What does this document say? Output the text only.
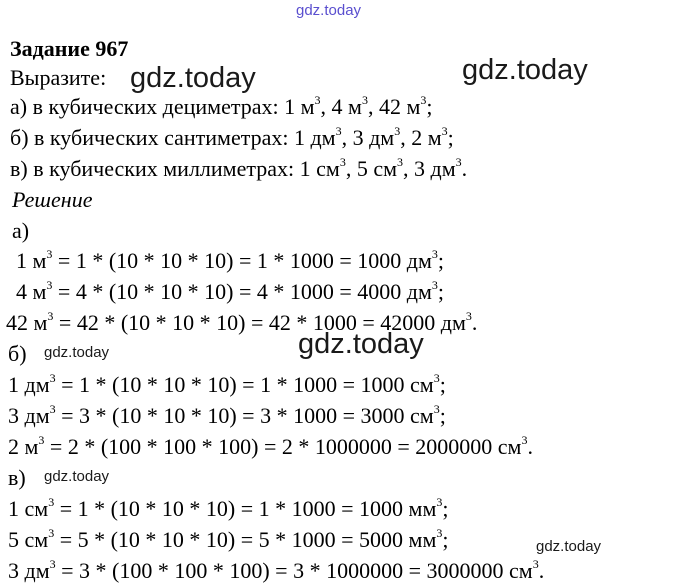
gdz.today
gdz.today	gdz.today
gdz.today
gdz.today
gdz.today
gdz.today
Задание 967
Выразите:
а) в кубических дециметрах: 1 $м^3$, 4 $м^3$, 42 $м^3$;
б) в кубических сантиметрах: 1 $дм^3$, 3 $дм^3$, 2 $м^3$;
в) в кубических миллиметрах: 1 $см^3$, 5 $см^3$, 3 $дм^3$.
Решение
а)
1 $м^3 = 1 * (10 * 10 * 10) = 1 * 1000 = 1000$ $дм^3$;
4 $м^3 = 4 * (10 * 10 * 10) = 4 * 1000 = 4000$ $дм^3$;
42 $м^3 = 42 * (10 * 10 * 10) = 42 * 1000 = 42000$ $дм^3$.
б)
1 $дм^3 = 1 * (10 * 10 * 10) = 1 * 1000 = 1000$ $см^3$;
3 $дм^3 = 3 * (10 * 10 * 10) = 3 * 1000 = 3000$ $см^3$;
2 $м^3 = 2 * (100 * 100 * 100) = 2 * 1000000 = 2000000$ $см^3$.
в)
1 $см^3 = 1 * (10 * 10 * 10) = 1 * 1000 = 1000$ $мм^3$;
5 $см^3 = 5 * (10 * 10 * 10) = 5 * 1000 = 5000$ $мм^3$;
3 $дм^3 = 3 * (100 * 100 * 100) = 3 * 1000000 = 3000000$ $см^3$.
